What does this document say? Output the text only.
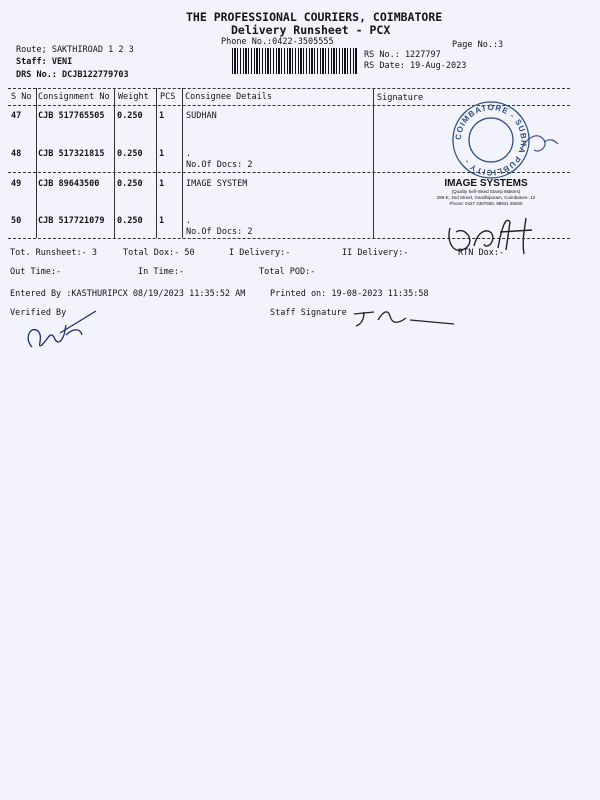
THE PROFESSIONAL COURIERS, COIMBATORE
Delivery Runsheet - PCX
Phone No.:0422-3505555	Page No.:3
Route; SAKTHIROAD 1 2 3
Staff: VENI
DRS No.: DCJB122779703
RS No.: 1227797
RS Date: 19-Aug-2023
S No Consignment No Weight PCS Consignee Details	Signature
47 CJB 517765505 0.250 1	SUDHAN
48 CJB 517321815 0.250 1	.
No.Of Docs: 2
49 CJB 89643500 0.250 1	IMAGE SYSTEM
50 CJB 517721079 0.250 1	.
No.Of Docs: 2
COIMBATORE - SUBHA PUBLICITY -
IMAGE SYSTEMS
(Quality Self-Inked Stamp Makers)
289-E, 2nd Street, Gandhipuram, Coimbatore -12
Phone: 0427 4387600, 98941 66500
Tot. Runsheet:- 3	Total Dox:- 50	I Delivery:-	II Delivery:-	RTN Dox:-
Out Time:-	In Time:-	Total POD:-
Entered By :KASTHURIPCX 08/19/2023 11:35:52 AM	Printed on: 19-08-2023 11:35:58
Verified By	Staff Signature
